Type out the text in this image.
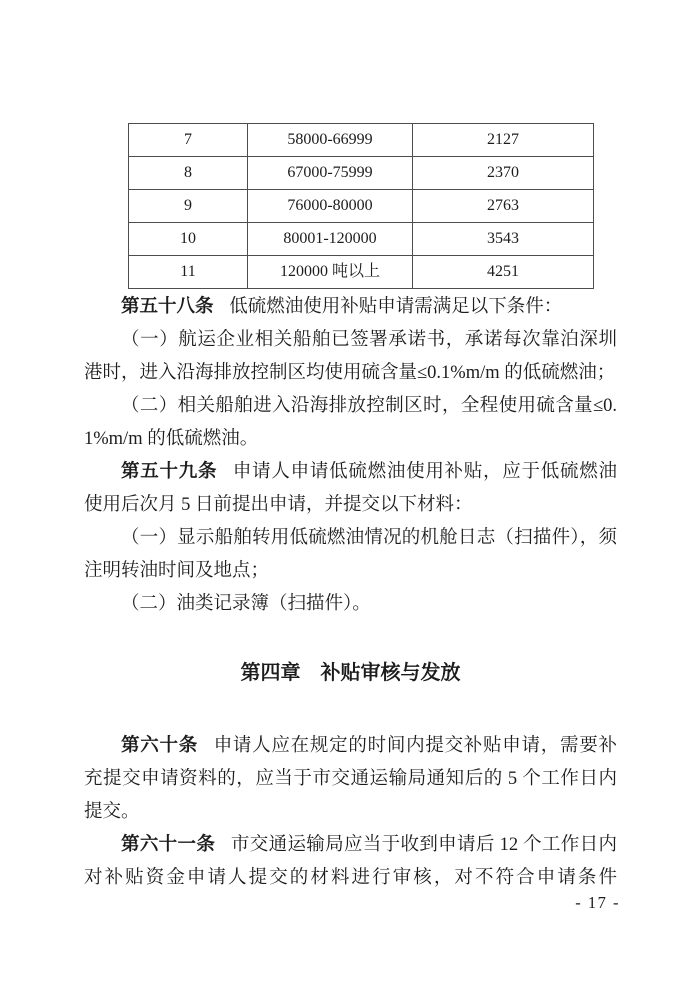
7	58000-66999	2127
8	67000-75999	2370
9	76000-80000	2763
10	80001-120000	3543
11	120000 吨以上	4251

第五十八条 低硫燃油使用补贴申请需满足以下条件：

（一）航运企业相关船舶已签署承诺书，承诺每次靠泊深圳港时，进入沿海排放控制区均使用硫含量≤0.1%m/m 的低硫燃油；

（二）相关船舶进入沿海排放控制区时，全程使用硫含量≤0.1%m/m 的低硫燃油。

第五十九条 申请人申请低硫燃油使用补贴，应于低硫燃油使用后次月 5 日前提出申请，并提交以下材料：

（一）显示船舶转用低硫燃油情况的机舱日志（扫描件），须注明转油时间及地点；

（二）油类记录簿（扫描件）。

第四章　补贴审核与发放

第六十条 申请人应在规定的时间内提交补贴申请，需要补充提交申请资料的，应当于市交通运输局通知后的 5 个工作日内提交。

第六十一条 市交通运输局应当于收到申请后 12 个工作日内对补贴资金申请人提交的材料进行审核，对不符合申请条件

- 17 -
